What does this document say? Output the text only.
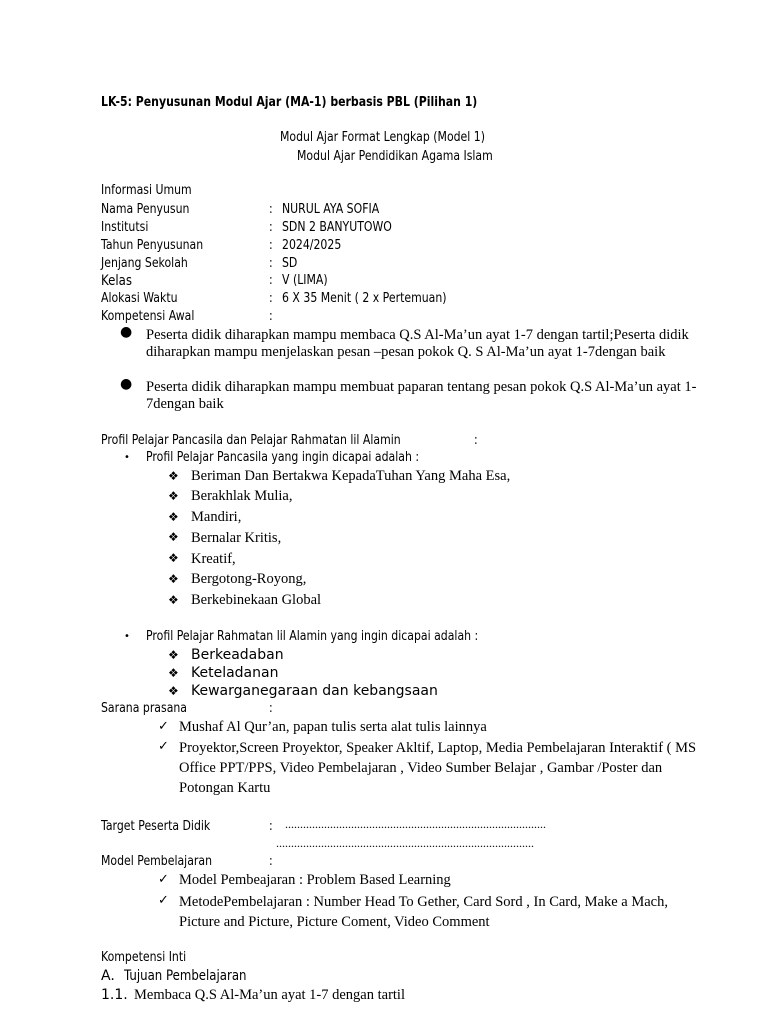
LK-5: Penyusunan Modul Ajar (MA-1) berbasis PBL (Pilihan 1)
Modul Ajar Format Lengkap (Model 1)
Modul Ajar Pendidikan Agama Islam
Informasi Umum
Nama Penyusun	: NURUL AYA SOFIA
Institutsi	: SDN 2 BANYUTOWO
Tahun Penyusunan	: 2024/2025
Jenjang Sekolah	: SD
Kelas	: V (LIMA)
Alokasi Waktu	: 6 X 35 Menit ( 2 x Pertemuan)
Kompetensi Awal	:
● Peserta didik diharapkan mampu membaca Q.S Al-Ma’un ayat 1-7 dengan tartil;Peserta didik diharapkan mampu menjelaskan pesan –pesan pokok Q. S Al-Ma’un ayat 1-7dengan baik
● Peserta didik diharapkan mampu membuat paparan tentang pesan pokok Q.S Al-Ma’un ayat 1-7dengan baik
Profil Pelajar Pancasila dan Pelajar Rahmatan lil Alamin	:
• Profil Pelajar Pancasila yang ingin dicapai adalah :
❖ Beriman Dan Bertakwa KepadaTuhan Yang Maha Esa,
❖ Berakhlak Mulia,
❖ Mandiri,
❖ Bernalar Kritis,
❖ Kreatif,
❖ Bergotong-Royong,
❖ Berkebinekaan Global
• Profil Pelajar Rahmatan lil Alamin yang ingin dicapai adalah :
❖ Berkeadaban
❖ Keteladanan
❖ Kewarganegaraan dan kebangsaan
Sarana prasana	:
✓ Mushaf Al Qur’an, papan tulis serta alat tulis lainnya
✓ Proyektor,Screen Proyektor, Speaker Akltif, Laptop, Media Pembelajaran Interaktif ( MS Office PPT/PPS, Video Pembelajaran , Video Sumber Belajar , Gambar /Poster dan Potongan Kartu
Target Peserta Didik	: .......................................................................................
......................................................................................
Model Pembelajaran	:
✓ Model Pembeajaran : Problem Based Learning
✓ MetodePembelajaran : Number Head To Gether, Card Sord , In Card, Make a Mach, Picture and Picture, Picture Coment, Video Comment
Kompetensi Inti
A. Tujuan Pembelajaran
1.1. Membaca Q.S Al-Ma’un ayat 1-7 dengan tartil
